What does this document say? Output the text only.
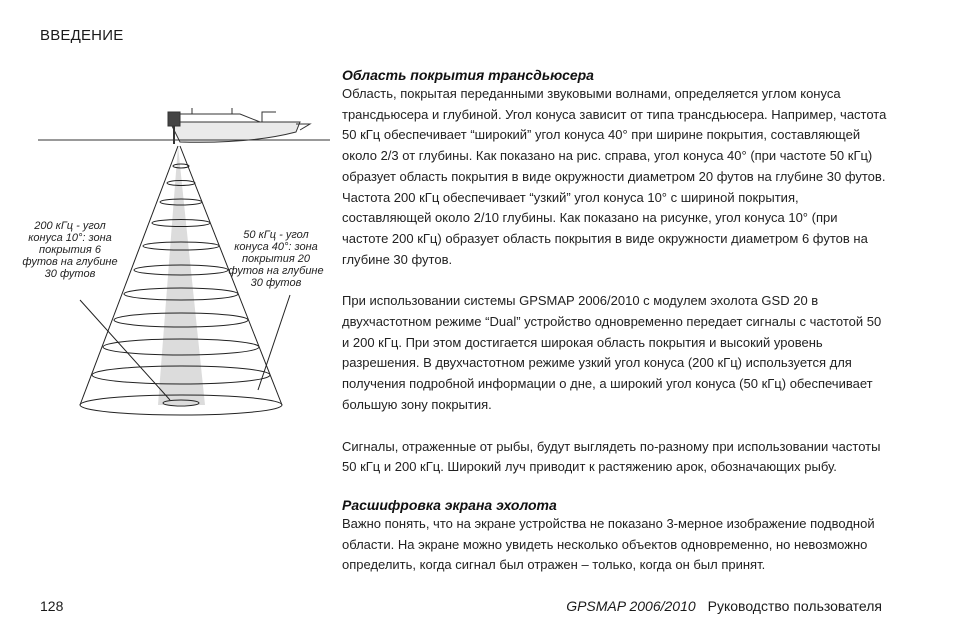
ВВЕДЕНИЕ
200 кГц - угол конуса 10°: зона покрытия 6 футов на глубине 30 футов
50 кГц - угол конуса 40°: зона покрытия 20 футов на глубине 30 футов
Область покрытия трансдьюсера

Область, покрытая переданными звуковыми волнами, определяется углом конуса трансдьюсера и глубиной. Угол конуса зависит от типа трансдьюсера. Например, частота 50 кГц обеспечивает “широкий” угол конуса 40° при ширине покрытия, составляющей около 2/3 от глубины. Как показано на рис. справа, угол конуса 40° (при частоте 50 кГц) образует область покрытия в виде окружности диаметром 20 футов на глубине 30 футов. Частота 200 кГц обеспечивает “узкий” угол конуса 10° с шириной покрытия, составляющей около 2/10 глубины. Как показано на рисунке, угол конуса 10° (при частоте 200 кГц) образует область покрытия в виде окружности диаметром 6 футов на глубине 30 футов.

При использовании системы GPSMAP 2006/2010 с модулем эхолота GSD 20 в двухчастотном режиме “Dual” устройство одновременно передает сигналы с частотой 50 и 200 кГц. При этом достигается широкая область покрытия и высокий уровень разрешения. В двухчастотном режиме узкий угол конуса (200 кГц) используется для получения подробной информации о дне, а широкий угол конуса (50 кГц) обеспечивает большую зону покрытия.

Сигналы, отраженные от рыбы, будут выглядеть по-разному при использовании частоты 50 кГц и 200 кГц. Широкий луч приводит к растяжению арок, обозначающих рыбу.

Расшифровка экрана эхолота

Важно понять, что на экране устройства не показано 3-мерное изображение подводной области. На экране можно увидеть несколько объектов одновременно, но невозможно определить, когда сигнал был отражен – только, когда он был принят.

128	GPSMAP 2006/2010 Руководство пользователя
